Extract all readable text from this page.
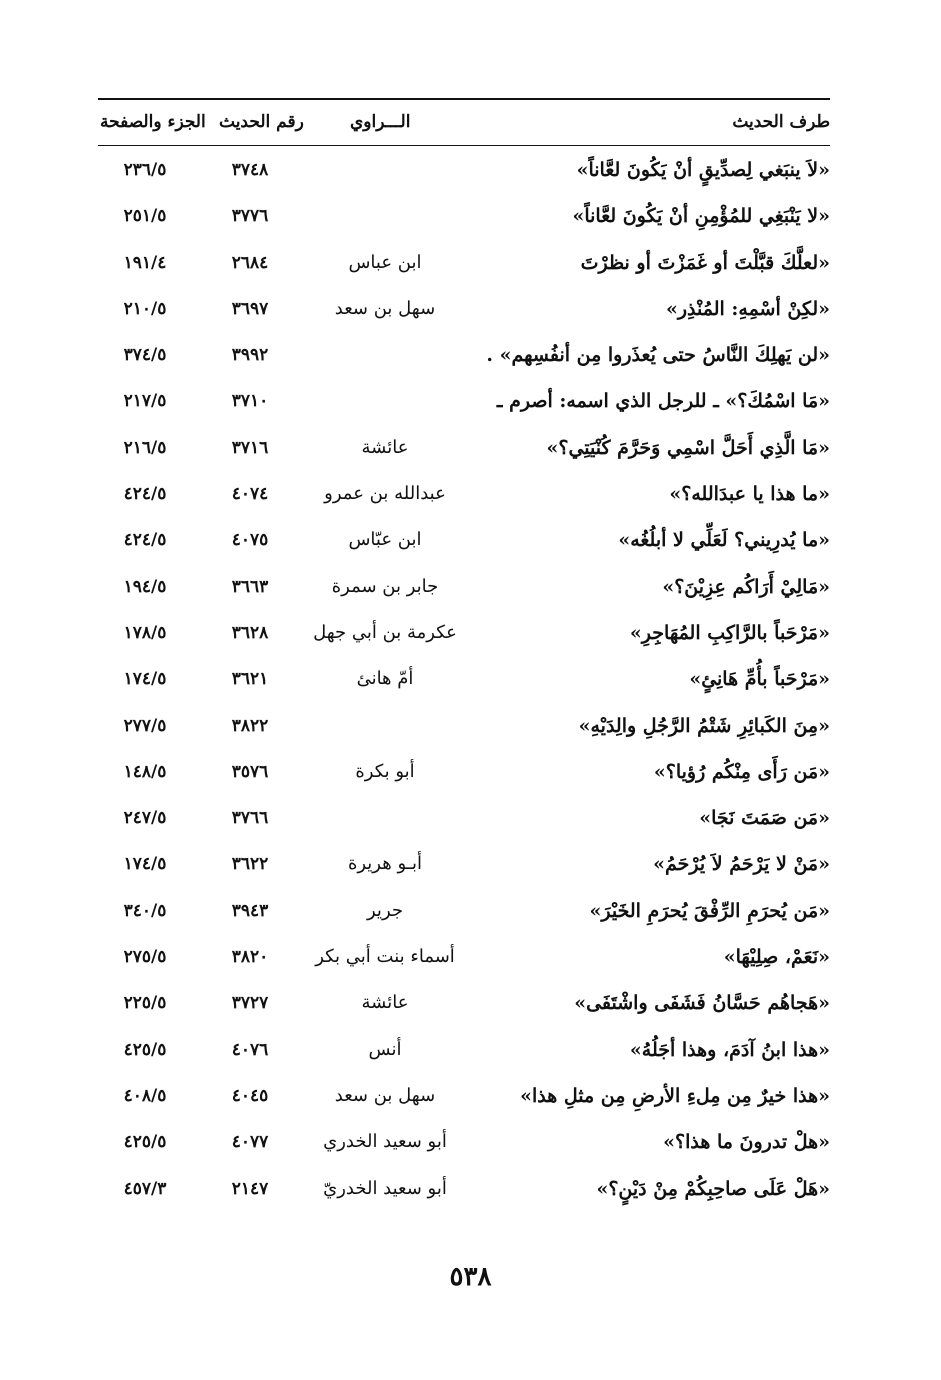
طرف الحديث
الـــراوي
رقم الحديث
الجزء والصفحة
«لاَ ينبَغي لِصدِّيقٍ أنْ يَكُونَ لعَّاناً»
٣٧٤٨
٢٣٦/٥
«لا يَنْبَغِي للمُؤْمِنِ أنْ يَكُونَ لعَّاناً»
٣٧٧٦
٢٥١/٥
«لعلَّكَ قبَّلْتَ أو غَمَزْتَ أو نظرْتَ
ابن عباس
٢٦٨٤
١٩١/٤
«لكِنْ أسْمِهِ: المُنْذِر»
سهل بن سعد
٣٦٩٧
٢١٠/٥
«لن يَهلِكَ النَّاسُ حتى يُعذَروا مِن أنفُسِهم» .
٣٩٩٢
٣٧٤/٥
«مَا اسْمُكَ؟» ـ للرجل الذي اسمه: أصرم ـ
٣٧١٠
٢١٧/٥
«مَا الَّذِي أَحَلَّ اسْمِي وَحَرَّمَ كُنْيَتِي؟»
عائشة
٣٧١٦
٢١٦/٥
«ما هذا يا عبدَالله؟»
عبدالله بن عمرو
٤٠٧٤
٤٢٤/٥
«ما يُدرِيني؟ لَعَلِّي لا أبلُغُه»
ابن عبّاس
٤٠٧٥
٤٢٤/٥
«مَالِيْ أَرَاكُم عِزِيْنَ؟»
جابر بن سمرة
٣٦٦٣
١٩٤/٥
«مَرْحَباً بالرَّاكِبِ المُهَاجِرِ»
عكرمة بن أبي جهل
٣٦٢٨
١٧٨/٥
«مَرْحَباً بأُمِّ هَانِئٍ»
أمّ هانئ
٣٦٢١
١٧٤/٥
«مِنَ الكَبائِرِ شَتْمُ الرَّجُلِ والِدَيْهِ»
٣٨٢٢
٢٧٧/٥
«مَن رَأَى مِنْكُم رُؤيا؟»
أبو بكرة
٣٥٧٦
١٤٨/٥
«مَن صَمَتَ نَجَا»
٣٧٦٦
٢٤٧/٥
«مَنْ لا يَرْحَمُ لاَ يُرْحَمُ»
أبـو هريرة
٣٦٢٢
١٧٤/٥
«مَن يُحرَمِ الرِّفْقَ يُحرَمِ الخَيْرَ»
جرير
٣٩٤٣
٣٤٠/٥
«نَعَمْ، صِلِيْهَا»
أسماء بنت أبي بكر
٣٨٢٠
٢٧٥/٥
«هَجاهُم حَسَّانُ فَشَفَى واشْتَفَى»
عائشة
٣٧٢٧
٢٢٥/٥
«هذا ابنُ آدَمَ، وهذا أجَلُهُ»
أنس
٤٠٧٦
٤٢٥/٥
«هذا خيرٌ مِن مِلءِ الأرضِ مِن مثلِ هذا»
سهل بن سعد
٤٠٤٥
٤٠٨/٥
«هلْ تدرونَ ما هذا؟»
أبو سعيد الخدري
٤٠٧٧
٤٢٥/٥
«هَلْ عَلَى صاحِبِكُمْ مِنْ دَيْنٍ؟»
أبو سعيد الخدريّ
٢١٤٧
٤٥٧/٣
٥٣٨
